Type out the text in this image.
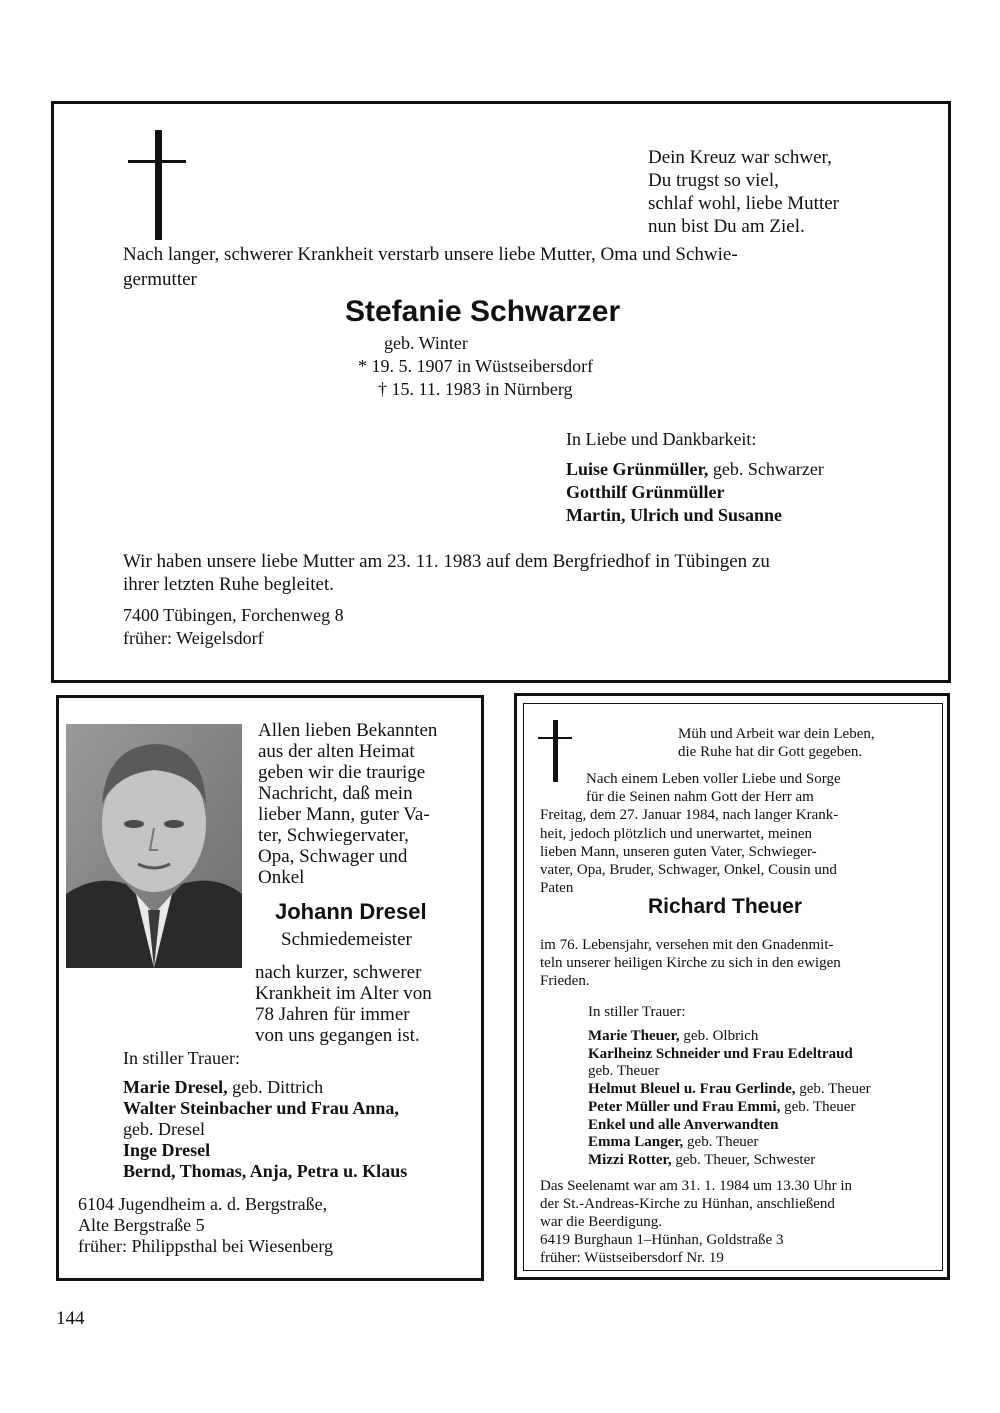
Dein Kreuz war schwer,
Du trugst so viel,
schlaf wohl, liebe Mutter
nun bist Du am Ziel.
Nach langer, schwerer Krankheit verstarb unsere liebe Mutter, Oma und Schwie-
germutter
Stefanie Schwarzer
geb. Winter
* 19. 5. 1907 in Wüstseibersdorf
† 15. 11. 1983 in Nürnberg
In Liebe und Dankbarkeit:
Luise Grünmüller, geb. Schwarzer
Gotthilf Grünmüller
Martin, Ulrich und Susanne
Wir haben unsere liebe Mutter am 23. 11. 1983 auf dem Bergfriedhof in Tübingen zu
ihrer letzten Ruhe begleitet.
7400 Tübingen, Forchenweg 8
früher: Weigelsdorf
Allen lieben Bekannten
aus der alten Heimat
geben wir die traurige
Nachricht, daß mein
lieber Mann, guter Va-
ter, Schwiegervater,
Opa, Schwager und
Onkel
Johann Dresel
Schmiedemeister
nach kurzer, schwerer
Krankheit im Alter von
78 Jahren für immer
von uns gegangen ist.
In stiller Trauer:
Marie Dresel, geb. Dittrich
Walter Steinbacher und Frau Anna,
geb. Dresel
Inge Dresel
Bernd, Thomas, Anja, Petra u. Klaus
6104 Jugendheim a. d. Bergstraße,
Alte Bergstraße 5
früher: Philippsthal bei Wiesenberg
Müh und Arbeit war dein Leben,
die Ruhe hat dir Gott gegeben.
Nach einem Leben voller Liebe und Sorge
für die Seinen nahm Gott der Herr am
Freitag, dem 27. Januar 1984, nach langer Krank-
heit, jedoch plötzlich und unerwartet, meinen
lieben Mann, unseren guten Vater, Schwieger-
vater, Opa, Bruder, Schwager, Onkel, Cousin und
Paten
Richard Theuer
im 76. Lebensjahr, versehen mit den Gnadenmit-
teln unserer heiligen Kirche zu sich in den ewigen
Frieden.
In stiller Trauer:
Marie Theuer, geb. Olbrich
Karlheinz Schneider und Frau Edeltraud
geb. Theuer
Helmut Bleuel u. Frau Gerlinde, geb. Theuer
Peter Müller und Frau Emmi, geb. Theuer
Enkel und alle Anverwandten
Emma Langer, geb. Theuer
Mizzi Rotter, geb. Theuer, Schwester
Das Seelenamt war am 31. 1. 1984 um 13.30 Uhr in
der St.-Andreas-Kirche zu Hünhan, anschließend
war die Beerdigung.
6419 Burghaun 1–Hünhan, Goldstraße 3
früher: Wüstseibersdorf Nr. 19
144
